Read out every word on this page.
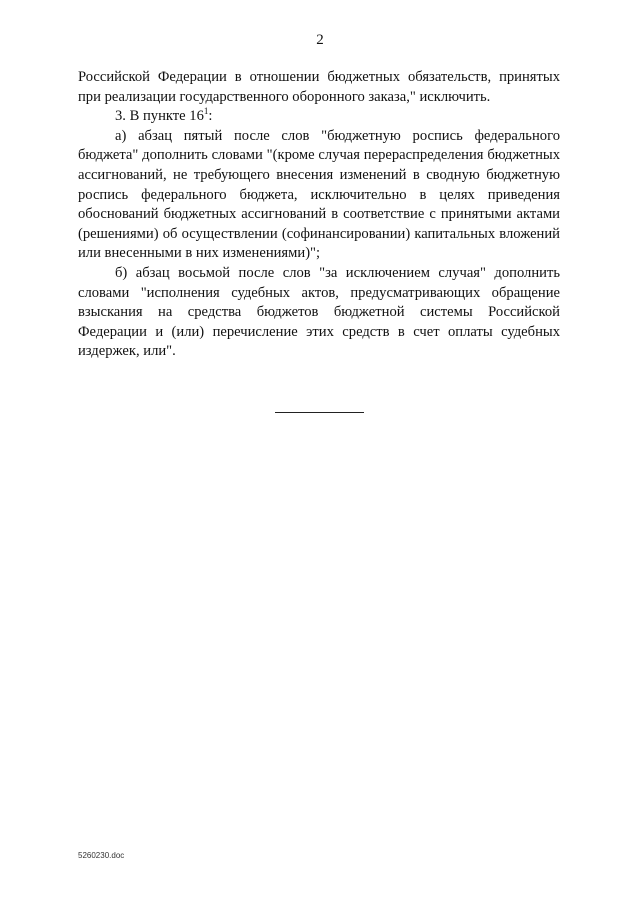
2

Российской Федерации в отношении бюджетных обязательств, принятых при реализации государственного оборонного заказа," исключить.

3. В пункте $16^1$:

а) абзац пятый после слов "бюджетную роспись федерального бюджета" дополнить словами "(кроме случая перераспределения бюджетных ассигнований, не требующего внесения изменений в сводную бюджетную роспись федерального бюджета, исключительно в целях приведения обоснований бюджетных ассигнований в соответствие с принятыми актами (решениями) об осуществлении (софинансировании) капитальных вложений или внесенными в них изменениями)";

б) абзац восьмой после слов "за исключением случая" дополнить словами "исполнения судебных актов, предусматривающих обращение взыскания на средства бюджетов бюджетной системы Российской Федерации и (или) перечисление этих средств в счет оплаты судебных издержек, или".

5260230.doc
